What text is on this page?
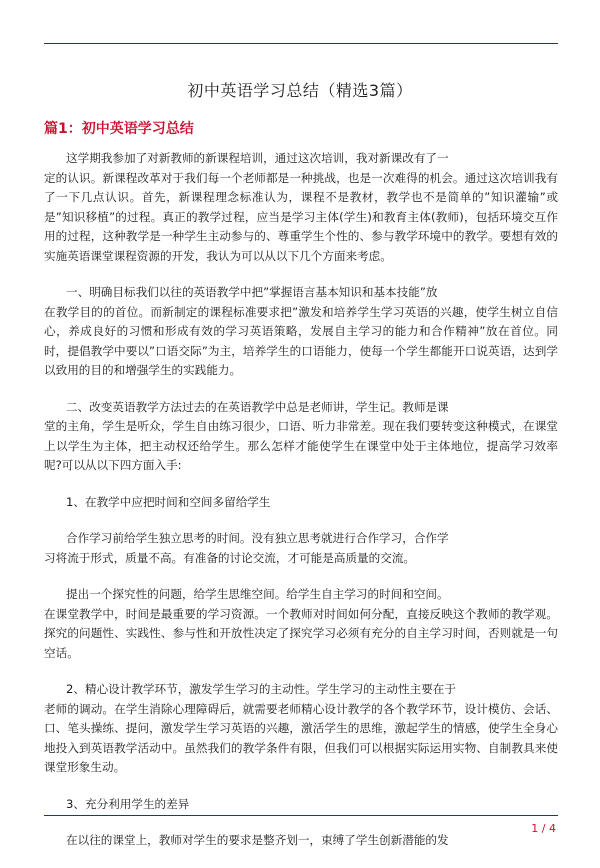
初中英语学习总结（精选3篇）
篇1：初中英语学习总结

这学期我参加了对新教师的新课程培训，通过这次培训，我对新课改有了一
定的认识。新课程改革对于我们每一个老师都是一种挑战，也是一次难得的机会。通过这次培训我有了一下几点认识。首先，新课程理念标准认为，课程不是教材，教学也不是简单的”知识灌输”或是”知识移植”的过程。真正的教学过程，应当是学习主体(学生)和教育主体(教师)，包括环境交互作用的过程，这种教学是一种学生主动参与的、尊重学生个性的、参与教学环境中的教学。要想有效的实施英语课堂课程资源的开发，我认为可以从以下几个方面来考虑。

一、明确目标我们以往的英语教学中把”掌握语言基本知识和基本技能”放
在教学目的的首位。而新制定的课程标准要求把”激发和培养学生学习英语的兴趣，使学生树立自信心，养成良好的习惯和形成有效的学习英语策略，发展自主学习的能力和合作精神”放在首位。同时，提倡教学中要以”口语交际”为主，培养学生的口语能力，使每一个学生都能开口说英语，达到学以致用的目的和增强学生的实践能力。

二、改变英语教学方法过去的在英语教学中总是老师讲，学生记。教师是课
堂的主角，学生是听众，学生自由练习很少，口语、听力非常差。现在我们要转变这种模式，在课堂上以学生为主体，把主动权还给学生。那么怎样才能使学生在课堂中处于主体地位，提高学习效率呢?可以从以下四方面入手:

1、在教学中应把时间和空间多留给学生

合作学习前给学生独立思考的时间。没有独立思考就进行合作学习，合作学
习将流于形式，质量不高。有准备的讨论交流，才可能是高质量的交流。

提出一个探究性的问题，给学生思维空间。给学生自主学习的时间和空间。
在课堂教学中，时间是最重要的学习资源。一个教师对时间如何分配，直接反映这个教师的教学观。探究的问题性、实践性、参与性和开放性决定了探究学习必须有充分的自主学习时间，否则就是一句空话。

2、精心设计教学环节，激发学生学习的主动性。学生学习的主动性主要在于
老师的调动。在学生消除心理障碍后，就需要老师精心设计教学的各个教学环节，设计模仿、会话、口、笔头操练、提问，激发学生学习英语的兴趣，激活学生的思维，激起学生的情感，使学生全身心地投入到英语教学活动中。虽然我们的教学条件有限，但我们可以根据实际运用实物、自制教具来使课堂形象生动。

3、充分利用学生的差异

在以往的课堂上，教师对学生的要求是整齐划一，束缚了学生创新潜能的发

1 / 4
